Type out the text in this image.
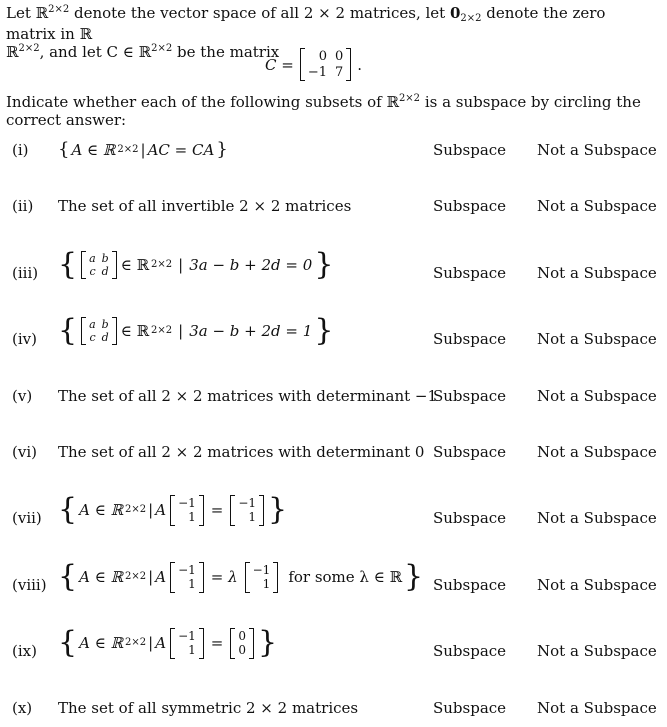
Let ℝ$^{2\times 2}$ denote the vector space of all 2 × 2 matrices, let $0_{2\times 2}$ denote the zero matrix in ℝ
ℝ$^{2\times 2}$, and let C ∈ ℝ$^{2\times 2}$ be the matrix
C =	0 0
−1 7 .
Indicate whether each of the following subsets of ℝ$^{2\times 2}$ is a subspace by circling the correct answer:
(i) { A ∈ ℝ 2×2 | AC = CA }	Subspace Not a Subspace
(ii) The set of all invertible 2 × 2 matrices	Subspace Not a Subspace
(iii) { a b
c d ∈ ℝ 2×2 | 3a − b + 2d = 0 }	Subspace Not a Subspace
(iv) { a b
c d ∈ ℝ 2×2 | 3a − b + 2d = 1 }	Subspace Not a Subspace
(v) The set of all 2 × 2 matrices with determinant −1
Subspace Not a Subspace
(vi) The set of all 2 × 2 matrices with determinant 0 Subspace Not a Subspace
(vii) { A ∈ ℝ 2×2 | A −1
1 = −1
1 }	Subspace Not a Subspace
(viii) { A ∈ ℝ 2×2 | A −1
1 = λ −1
1 for some λ ∈ ℝ } Subspace Not a Subspace
(ix) { A ∈ ℝ 2×2 | A −1
1 = 0
0 }	Subspace Not a Subspace
(x) The set of all symmetric 2 × 2 matrices	Subspace Not a Subspace
